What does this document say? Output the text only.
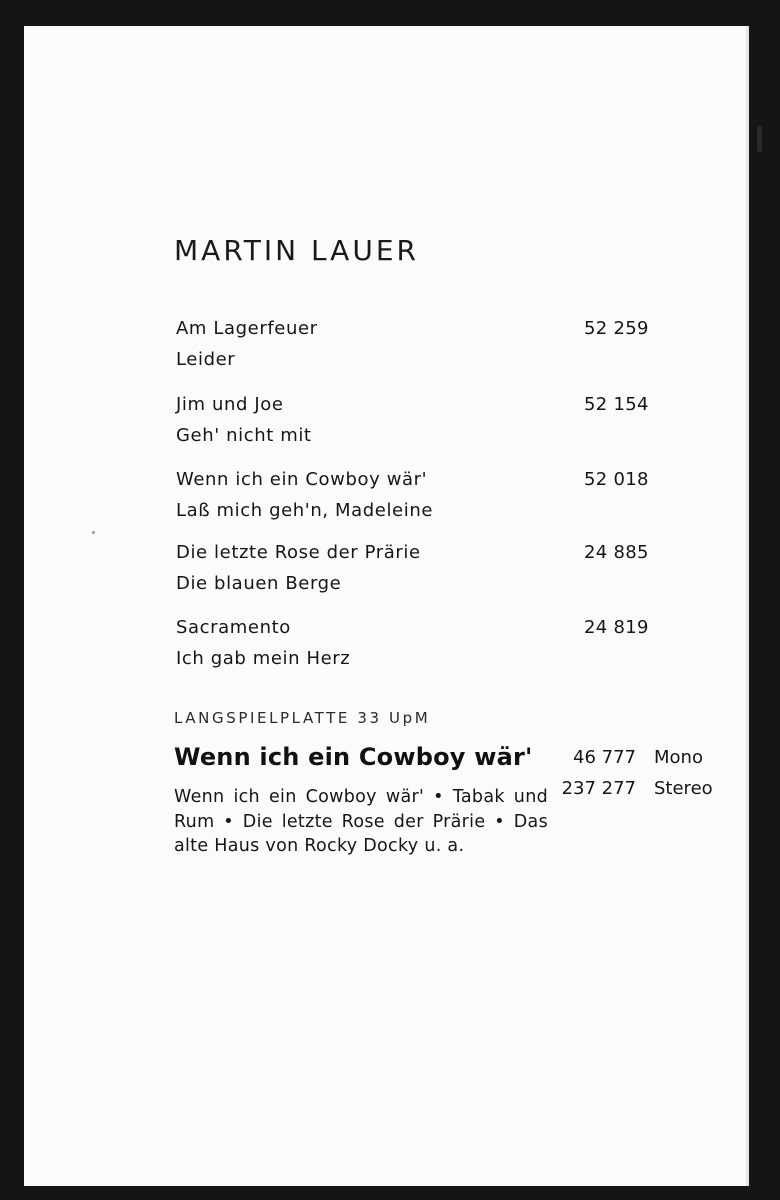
MARTIN LAUER
Am Lagerfeuer
Leider
52 259
Jim und Joe
Geh' nicht mit
52 154
Wenn ich ein Cowboy wär'
Laß mich geh'n, Madeleine
52 018
Die letzte Rose der Prärie
Die blauen Berge
24 885
Sacramento
Ich gab mein Herz
24 819
LANGSPIELPLATTE 33 UpM
Wenn ich ein Cowboy wär'
Wenn ich ein Cowboy wär' • Tabak und Rum • Die letzte Rose der Prärie • Das alte Haus von Rocky Docky u. a.
46 777 Mono
237 277 Stereo
